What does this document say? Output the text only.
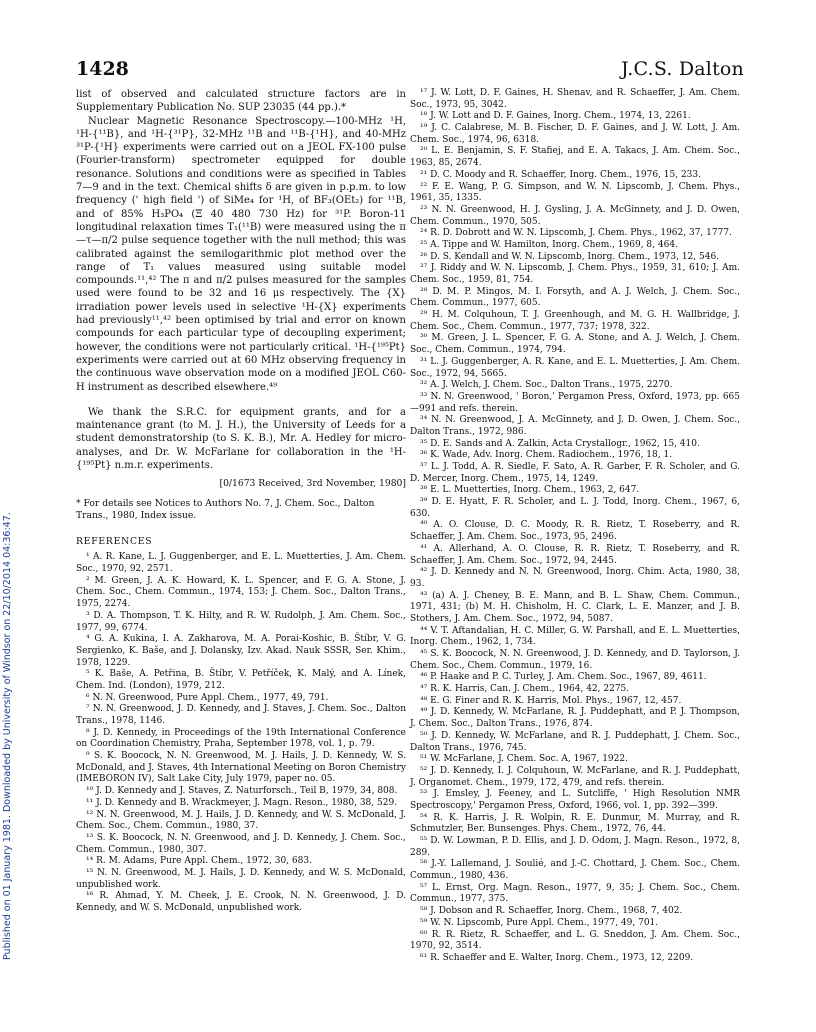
Published on 01 January 1981. Downloaded by University of Windsor on 22/10/2014 04:36:47.
1428	J.C.S. Dalton

list of observed and calculated structure factors are in Supplementary Publication No. SUP 23035 (44 pp.).*

Nuclear Magnetic Resonance Spectroscopy.—100-MHz ¹H, ¹H-{¹¹B}, and ¹H-{³¹P}, 32-MHz ¹¹B and ¹¹B-{¹H}, and 40-MHz ³¹P-{¹H} experiments were carried out on a JEOL FX-100 pulse (Fourier-transform) spectrometer equipped for double resonance. Solutions and conditions were as specified in Tables 7—9 and in the text. Chemical shifts δ are given in p.p.m. to low frequency (' high field ') of SiMe₄ for ¹H, of BF₃(OEt₂) for ¹¹B, and of 85% H₃PO₄ (Ξ 40 480 730 Hz) for ³¹P. Boron-11 longitudinal relaxation times T₁(¹¹B) were measured using the π—τ—π/2 pulse sequence together with the null method; this was calibrated against the semilogarithmic plot method over the range of T₁ values measured using suitable model compounds.¹¹,⁴² The π and π/2 pulses measured for the samples used were found to be 32 and 16 μs respectively. The {X} irradiation power levels used in selective ¹H-{X} experiments had previously¹¹,⁴² been optimised by trial and error on known compounds for each particular type of decoupling experiment; however, the conditions were not particularly critical. ¹H-{¹⁹⁵Pt} experiments were carried out at 60 MHz observing frequency in the continuous wave observation mode on a modified JEOL C60-H instrument as described elsewhere.⁴⁹

We thank the S.R.C. for equipment grants, and for a maintenance grant (to M. J. H.), the University of Leeds for a student demonstratorship (to S. K. B.), Mr. A. Hedley for micro-analyses, and Dr. W. McFarlane for collaboration in the ¹H-{¹⁹⁵Pt} n.m.r. experiments.

[0/1673 Received, 3rd November, 1980]
* For details see Notices to Authors No. 7, J. Chem. Soc., Dalton Trans., 1980, Index issue.
REFERENCES
¹ A. R. Kane, L. J. Guggenberger, and E. L. Muetterties, J. Am. Chem. Soc., 1970, 92, 2571.
² M. Green, J. A. K. Howard, K. L. Spencer, and F. G. A. Stone, J. Chem. Soc., Chem. Commun., 1974, 153; J. Chem. Soc., Dalton Trans., 1975, 2274.
³ D. A. Thompson, T. K. Hilty, and R. W. Rudolph, J. Am. Chem. Soc., 1977, 99, 6774.
⁴ G. A. Kukina, I. A. Zakharova, M. A. Porai-Koshic, B. Štíbr, V. G. Sergienko, K. Baše, and J. Dolansky, Izv. Akad. Nauk SSSR, Ser. Khim., 1978, 1229.
⁵ K. Baše, A. Petřina, B. Štíbr, V. Petříček, K. Malý, and A. Línek, Chem. Ind. (London), 1979, 212.
⁶ N. N. Greenwood, Pure Appl. Chem., 1977, 49, 791.
⁷ N. N. Greenwood, J. D. Kennedy, and J. Staves, J. Chem. Soc., Dalton Trans., 1978, 1146.
⁸ J. D. Kennedy, in Proceedings of the 19th International Conference on Coordination Chemistry, Praha, September 1978, vol. 1, p. 79.
⁹ S. K. Boocock, N. N. Greenwood, M. J. Hails, J. D. Kennedy, W. S. McDonald, and J. Staves, 4th International Meeting on Boron Chemistry (IMEBORON IV), Salt Lake City, July 1979, paper no. 05.
¹⁰ J. D. Kennedy and J. Staves, Z. Naturforsch., Teil B, 1979, 34, 808.
¹¹ J. D. Kennedy and B. Wrackmeyer, J. Magn. Reson., 1980, 38, 529.
¹² N. N. Greenwood, M. J. Hails, J. D. Kennedy, and W. S. McDonald, J. Chem. Soc., Chem. Commun., 1980, 37.
¹³ S. K. Boocock, N. N. Greenwood, and J. D. Kennedy, J. Chem. Soc., Chem. Commun., 1980, 307.
¹⁴ R. M. Adams, Pure Appl. Chem., 1972, 30, 683.
¹⁵ N. N. Greenwood, M. J. Hails, J. D. Kennedy, and W. S. McDonald, unpublished work.
¹⁶ R. Ahmad, Y. M. Cheek, J. E. Crook, N. N. Greenwood, J. D. Kennedy, and W. S. McDonald, unpublished work.
¹⁷ J. W. Lott, D. F. Gaines, H. Shenav, and R. Schaeffer, J. Am. Chem. Soc., 1973, 95, 3042.
¹⁸ J. W. Lott and D. F. Gaines, Inorg. Chem., 1974, 13, 2261.
¹⁹ J. C. Calabrese, M. B. Fischer, D. F. Gaines, and J. W. Lott, J. Am. Chem. Soc., 1974, 96, 6318.
²⁰ L. E. Benjamin, S. F. Stafiej, and E. A. Takacs, J. Am. Chem. Soc., 1963, 85, 2674.
²¹ D. C. Moody and R. Schaeffer, Inorg. Chem., 1976, 15, 233.
²² F. E. Wang, P. G. Simpson, and W. N. Lipscomb, J. Chem. Phys., 1961, 35, 1335.
²³ N. N. Greenwood, H. J. Gysling, J. A. McGinnety, and J. D. Owen, Chem. Commun., 1970, 505.
²⁴ R. D. Dobrott and W. N. Lipscomb, J. Chem. Phys., 1962, 37, 1777.
²⁵ A. Tippe and W. Hamilton, Inorg. Chem., 1969, 8, 464.
²⁶ D. S. Kendall and W. N. Lipscomb, Inorg. Chem., 1973, 12, 546.
²⁷ J. Riddy and W. N. Lipscomb, J. Chem. Phys., 1959, 31, 610; J. Am. Chem. Soc., 1959, 81, 754.
²⁸ D. M. P. Mingos, M. I. Forsyth, and A. J. Welch, J. Chem. Soc., Chem. Commun., 1977, 605.
²⁹ H. M. Colquhoun, T. J. Greenhough, and M. G. H. Wallbridge, J. Chem. Soc., Chem. Commun., 1977, 737; 1978, 322.
³⁰ M. Green, J. L. Spencer, F. G. A. Stone, and A. J. Welch, J. Chem. Soc., Chem. Commun., 1974, 794.
³¹ L. J. Guggenberger, A. R. Kane, and E. L. Muetterties, J. Am. Chem. Soc., 1972, 94, 5665.
³² A. J. Welch, J. Chem. Soc., Dalton Trans., 1975, 2270.
³³ N. N. Greenwood, ' Boron,' Pergamon Press, Oxford, 1973, pp. 665—991 and refs. therein.
³⁴ N. N. Greenwood, J. A. McGinnety, and J. D. Owen, J. Chem. Soc., Dalton Trans., 1972, 986.
³⁵ D. E. Sands and A. Zalkin, Acta Crystallogr., 1962, 15, 410.
³⁶ K. Wade, Adv. Inorg. Chem. Radiochem., 1976, 18, 1.
³⁷ L. J. Todd, A. R. Siedle, F. Sato, A. R. Garber, F. R. Scholer, and G. D. Mercer, Inorg. Chem., 1975, 14, 1249.
³⁸ E. L. Muetterties, Inorg. Chem., 1963, 2, 647.
³⁹ D. E. Hyatt, F. R. Scholer, and L. J. Todd, Inorg. Chem., 1967, 6, 630.
⁴⁰ A. O. Clouse, D. C. Moody, R. R. Rietz, T. Roseberry, and R. Schaeffer, J. Am. Chem. Soc., 1973, 95, 2496.
⁴¹ A. Allerhand, A. O. Clouse, R. R. Rietz, T. Roseberry, and R. Schaeffer, J. Am. Chem. Soc., 1972, 94, 2445.
⁴² J. D. Kennedy and N. N. Greenwood, Inorg. Chim. Acta, 1980, 38, 93.
⁴³ (a) A. J. Cheney, B. E. Mann, and B. L. Shaw, Chem. Commun., 1971, 431; (b) M. H. Chisholm, H. C. Clark, L. E. Manzer, and J. B. Stothers, J. Am. Chem. Soc., 1972, 94, 5087.
⁴⁴ V. T. Aftandalian, H. C. Miller, G. W. Parshall, and E. L. Muetterties, Inorg. Chem., 1962, 1, 734.
⁴⁵ S. K. Boocock, N. N. Greenwood, J. D. Kennedy, and D. Taylorson, J. Chem. Soc., Chem. Commun., 1979, 16.
⁴⁶ P. Haake and P. C. Turley, J. Am. Chem. Soc., 1967, 89, 4611.
⁴⁷ R. K. Harris, Can. J. Chem., 1964, 42, 2275.
⁴⁸ E. G. Finer and R. K. Harris, Mol. Phys., 1967, 12, 457.
⁴⁹ J. D. Kennedy, W. McFarlane, R. J. Puddephatt, and P. J. Thompson, J. Chem. Soc., Dalton Trans., 1976, 874.
⁵⁰ J. D. Kennedy, W. McFarlane, and R. J. Puddephatt, J. Chem. Soc., Dalton Trans., 1976, 745.
⁵¹ W. McFarlane, J. Chem. Soc. A, 1967, 1922.
⁵² J. D. Kennedy, I. J. Colquhoun, W. McFarlane, and R. J. Puddephatt, J. Organomet. Chem., 1979, 172, 479, and refs. therein.
⁵³ J. Emsley, J. Feeney, and L. Sutcliffe, ' High Resolution NMR Spectroscopy,' Pergamon Press, Oxford, 1966, vol. 1, pp. 392—399.
⁵⁴ R. K. Harris, J. R. Wolpin, R. E. Dunmur, M. Murray, and R. Schmutzler, Ber. Bunsenges. Phys. Chem., 1972, 76, 44.
⁵⁵ D. W. Lowman, P. D. Ellis, and J. D. Odom, J. Magn. Reson., 1972, 8, 289.
⁵⁶ J.-Y. Lallemand, J. Soulié, and J.-C. Chottard, J. Chem. Soc., Chem. Commun., 1980, 436.
⁵⁷ L. Ernst, Org. Magn. Reson., 1977, 9, 35; J. Chem. Soc., Chem. Commun., 1977, 375.
⁵⁸ J. Dobson and R. Schaeffer, Inorg. Chem., 1968, 7, 402.
⁵⁹ W. N. Lipscomb, Pure Appl. Chem., 1977, 49, 701.
⁶⁰ R. R. Rietz, R. Schaeffer, and L. G. Sneddon, J. Am. Chem. Soc., 1970, 92, 3514.
⁶¹ R. Schaeffer and E. Walter, Inorg. Chem., 1973, 12, 2209.
